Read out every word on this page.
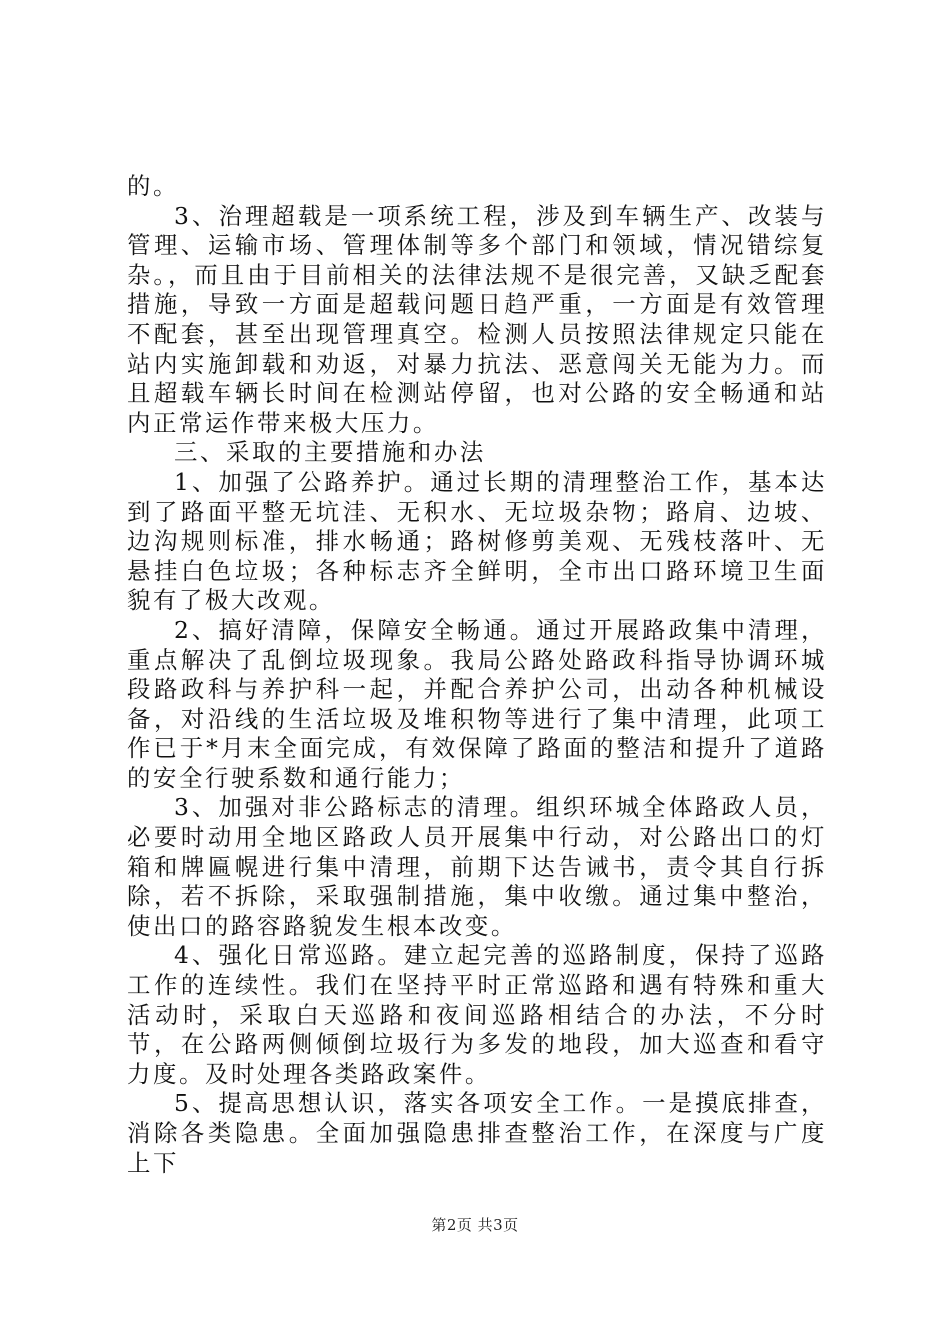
的。

3、治理超载是一项系统工程，涉及到车辆生产、改装与管理、运输市场、管理体制等多个部门和领域，情况错综复杂。，而且由于目前相关的法律法规不是很完善，又缺乏配套措施，导致一方面是超载问题日趋严重，一方面是有效管理不配套，甚至出现管理真空。检测人员按照法律规定只能在站内实施卸载和劝返，对暴力抗法、恶意闯关无能为力。而且超载车辆长时间在检测站停留，也对公路的安全畅通和站内正常运作带来极大压力。

三、采取的主要措施和办法

1、加强了公路养护。通过长期的清理整治工作，基本达到了路面平整无坑洼、无积水、无垃圾杂物；路肩、边坡、边沟规则标准，排水畅通；路树修剪美观、无残枝落叶、无悬挂白色垃圾；各种标志齐全鲜明，全市出口路环境卫生面貌有了极大改观。

2、搞好清障，保障安全畅通。通过开展路政集中清理，重点解决了乱倒垃圾现象。我局公路处路政科指导协调环城段路政科与养护科一起，并配合养护公司，出动各种机械设备，对沿线的生活垃圾及堆积物等进行了集中清理，此项工作已于*月末全面完成，有效保障了路面的整洁和提升了道路的安全行驶系数和通行能力；

3、加强对非公路标志的清理。组织环城全体路政人员，必要时动用全地区路政人员开展集中行动，对公路出口的灯箱和牌匾幌进行集中清理，前期下达告诫书，责令其自行拆除，若不拆除，采取强制措施，集中收缴。通过集中整治，使出口的路容路貌发生根本改变。

4、强化日常巡路。建立起完善的巡路制度，保持了巡路工作的连续性。我们在坚持平时正常巡路和遇有特殊和重大活动时，采取白天巡路和夜间巡路相结合的办法，不分时节，在公路两侧倾倒垃圾行为多发的地段，加大巡查和看守力度。及时处理各类路政案件。

5、提高思想认识，落实各项安全工作。一是摸底排查，消除各类隐患。全面加强隐患排查整治工作，在深度与广度上下

第2页 共3页
